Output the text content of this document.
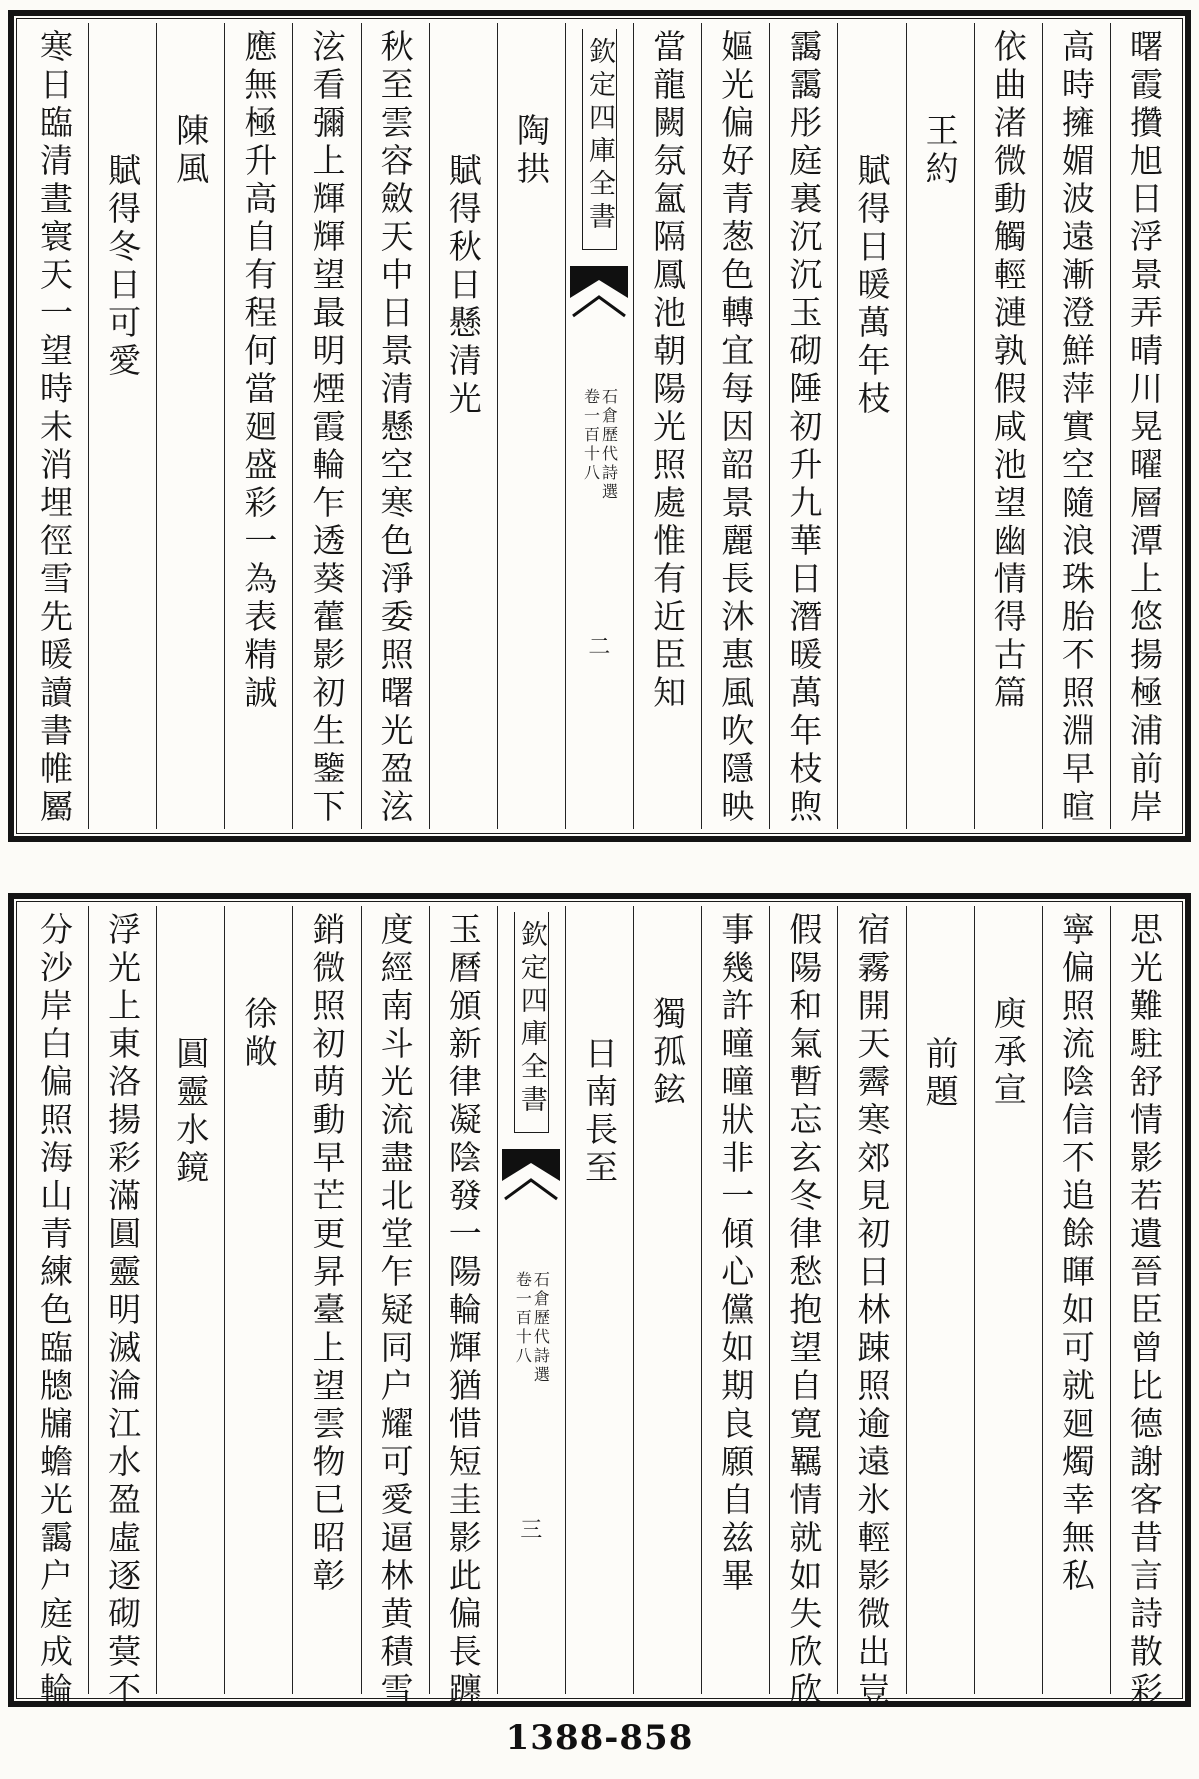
曙霞攢旭日浮景弄晴川晃曜層潭上悠揚極浦前岸
高時擁媚波遠漸澄鮮萍實空隨浪珠胎不照淵早暄
依曲渚微動觸輕漣孰假咸池望幽情得古篇
王約
賦得日暖萬年枝
靄靄彤庭裏沉沉玉砌陲初升九華日潛暖萬年枝煦
嫗光偏好青葱色轉宜每因韶景麗長沐惠風吹隱映
當龍闕氛氳隔鳳池朝陽光照處惟有近臣知
欽定四庫全書
石倉歷代詩選
卷一百十八
二
陶拱
賦得秋日懸清光
秋至雲容斂天中日景清懸空寒色淨委照曙光盈泫
泫看彌上輝輝望最明煙霞輪乍透葵藿影初生鑒下
應無極升高自有程何當廻盛彩一為表精誠
陳風
賦得冬日可愛
寒日臨清晝寰天一望時未消埋徑雪先暖讀書帷屬
思光難駐舒情影若遺晉臣曾比德謝客昔言詩散彩
寧偏照流陰信不追餘暉如可就廻燭幸無私
庾承宣
前題
宿霧開天霽寒郊見初日林踈照逾遠氷輕影微出豈
假陽和氣暫忘玄冬律愁抱望自寛羈情就如失欣欣
事幾許曈曈狀非一傾心儻如期良願自兹畢
獨孤鉉
日南長至
欽定四庫全書
石倉歷代詩選
卷一百十八
三
玉曆頒新律凝陰發一陽輪輝猶惜短圭影此偏長躔
度經南斗光流盡北堂乍疑同户耀可愛逼林黄積雪
銷微照初萌動早芒更昇臺上望雲物已昭彰
徐敞
圓靈水鏡
浮光上東洛揚彩滿圓靈明滅淪江水盈虛逐砌蓂不
分沙岸白偏照海山青練色臨牕牖蟾光靄户庭成輪
1388-858
